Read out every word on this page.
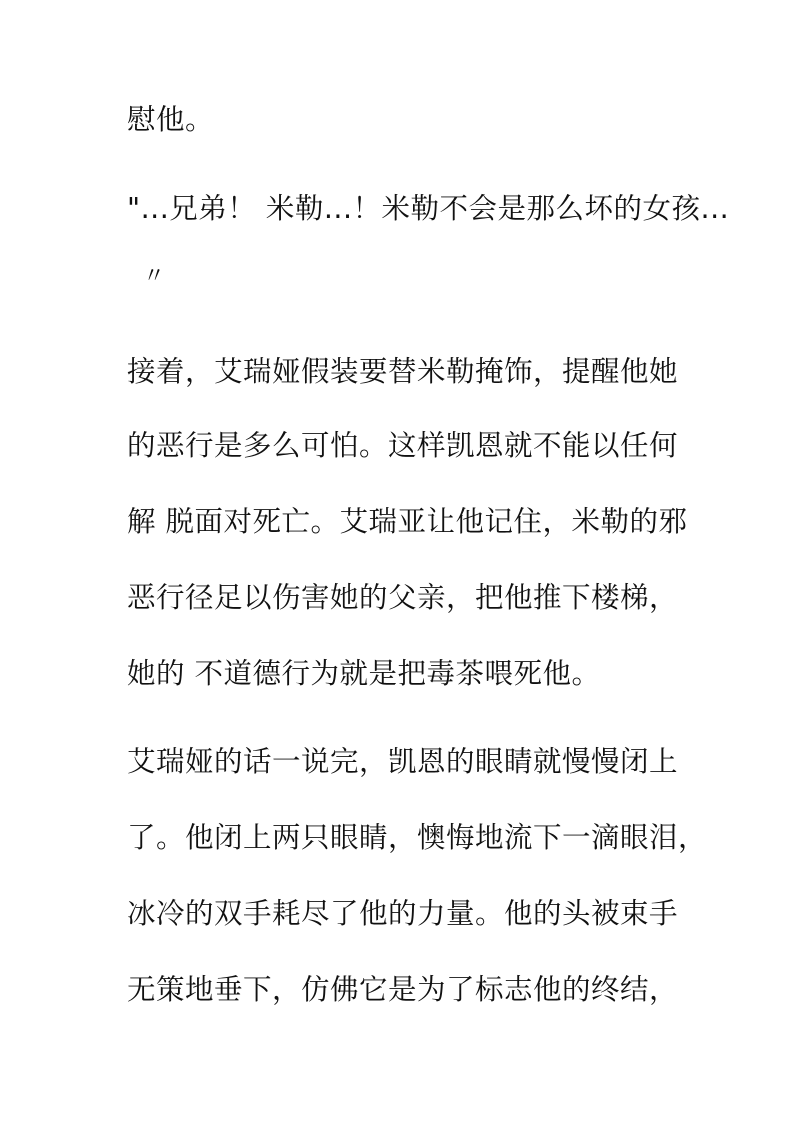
慰他。
"...兄弟！ 米勒...！米勒不会是那么坏的女孩...
〃
接着，艾瑞娅假装要替米勒掩饰，提醒他她
的恶行是多么可怕。这样凯恩就不能以任何
解 脱面对死亡。艾瑞亚让他记住，米勒的邪
恶行径足以伤害她的父亲，把他推下楼梯，
她的 不道德行为就是把毒茶喂死他。
艾瑞娅的话一说完，凯恩的眼睛就慢慢闭上
了。他闭上两只眼睛，懊悔地流下一滴眼泪，
冰冷的双手耗尽了他的力量。他的头被束手
无策地垂下，仿佛它是为了标志他的终结，
